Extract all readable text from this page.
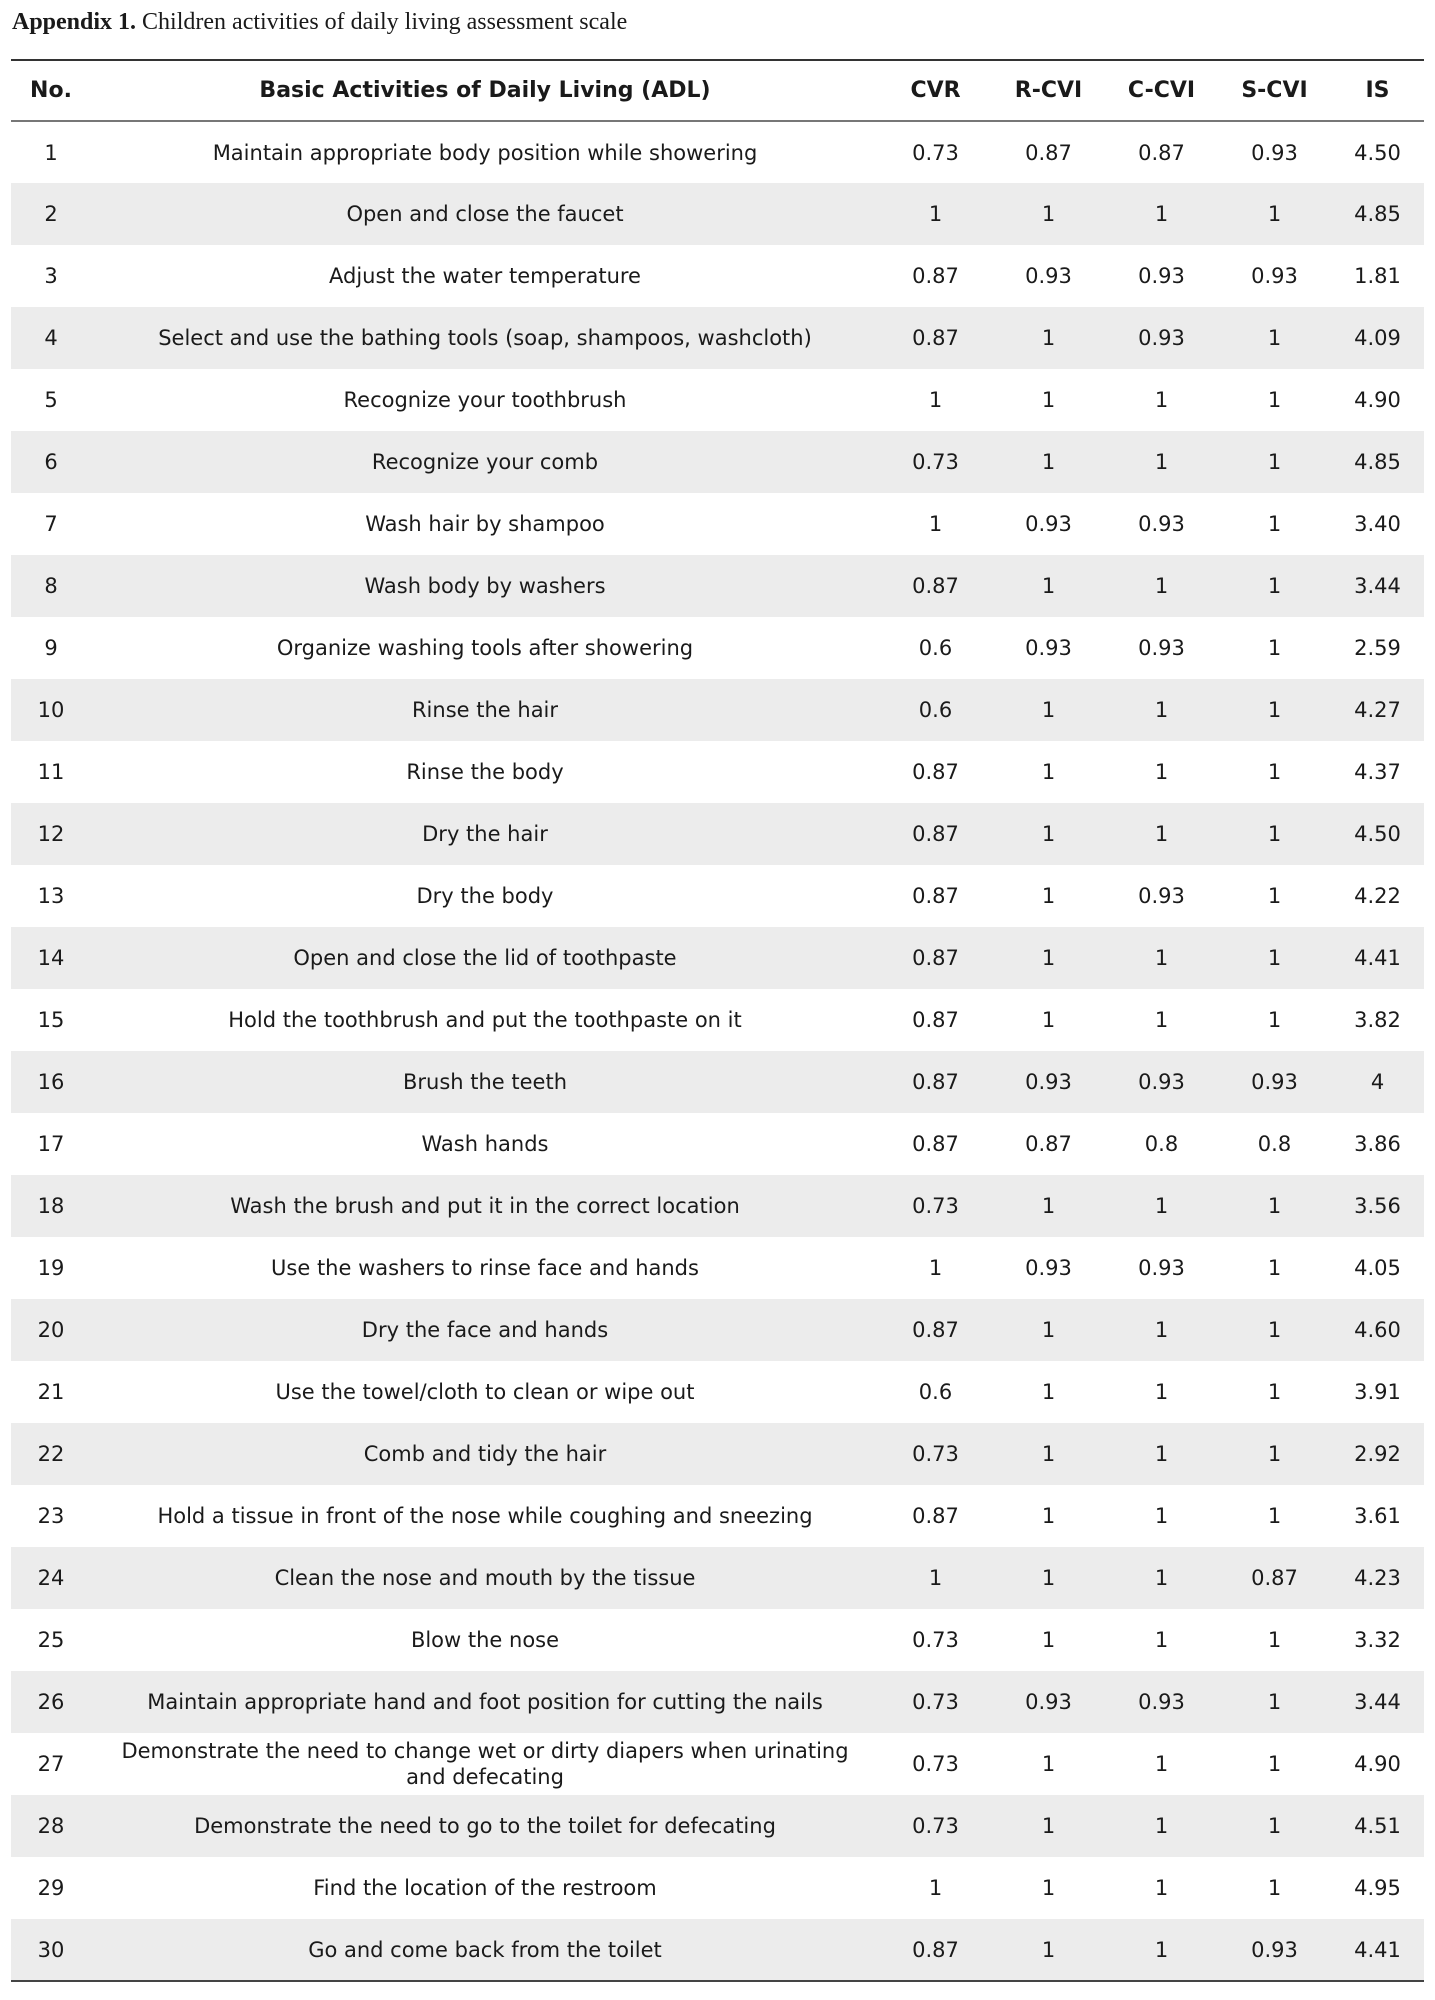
Appendix 1. Children activities of daily living assessment scale
No.	Basic Activities of Daily Living (ADL)	CVR	R-CVI	C-CVI	S-CVI	IS
1	Maintain appropriate body position while showering	0.73	0.87	0.87	0.93	4.50
2	Open and close the faucet	1	1	1	1	4.85
3	Adjust the water temperature	0.87	0.93	0.93	0.93	1.81
4	Select and use the bathing tools (soap, shampoos, washcloth)	0.87	1	0.93	1	4.09
5	Recognize your toothbrush	1	1	1	1	4.90
6	Recognize your comb	0.73	1	1	1	4.85
7	Wash hair by shampoo	1	0.93	0.93	1	3.40
8	Wash body by washers	0.87	1	1	1	3.44
9	Organize washing tools after showering	0.6	0.93	0.93	1	2.59
10	Rinse the hair	0.6	1	1	1	4.27
11	Rinse the body	0.87	1	1	1	4.37
12	Dry the hair	0.87	1	1	1	4.50
13	Dry the body	0.87	1	0.93	1	4.22
14	Open and close the lid of toothpaste	0.87	1	1	1	4.41
15	Hold the toothbrush and put the toothpaste on it	0.87	1	1	1	3.82
16	Brush the teeth	0.87	0.93	0.93	0.93	4
17	Wash hands	0.87	0.87	0.8	0.8	3.86
18	Wash the brush and put it in the correct location	0.73	1	1	1	3.56
19	Use the washers to rinse face and hands	1	0.93	0.93	1	4.05
20	Dry the face and hands	0.87	1	1	1	4.60
21	Use the towel/cloth to clean or wipe out	0.6	1	1	1	3.91
22	Comb and tidy the hair	0.73	1	1	1	2.92
23	Hold a tissue in front of the nose while coughing and sneezing	0.87	1	1	1	3.61
24	Clean the nose and mouth by the tissue	1	1	1	0.87	4.23
25	Blow the nose	0.73	1	1	1	3.32
26	Maintain appropriate hand and foot position for cutting the nails	0.73	0.93	0.93	1	3.44
27	Demonstrate the need to change wet or dirty diapers when urinating and defecating	0.73	1	1	1	4.90
28	Demonstrate the need to go to the toilet for defecating	0.73	1	1	1	4.51
29	Find the location of the restroom	1	1	1	1	4.95
30	Go and come back from the toilet	0.87	1	1	0.93	4.41
